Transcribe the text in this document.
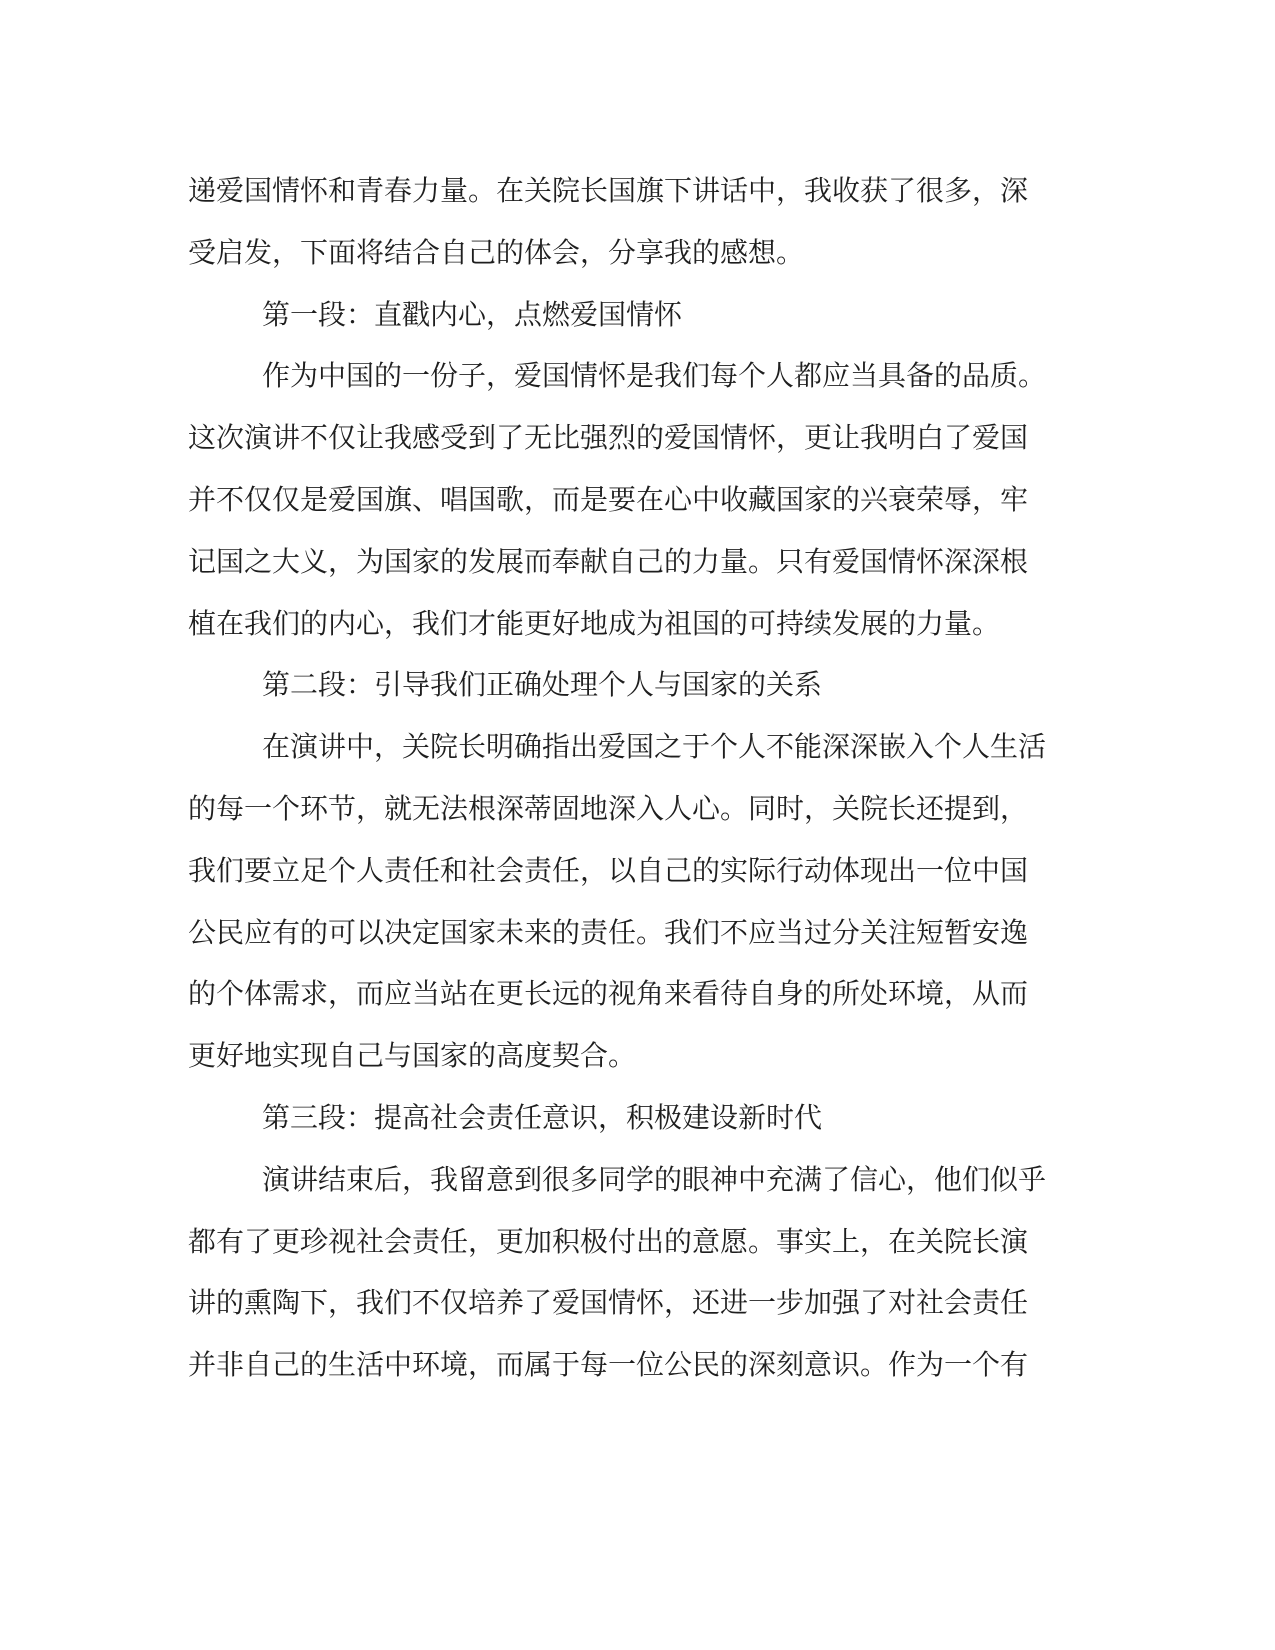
递爱国情怀和青春力量。在关院长国旗下讲话中，我收获了很多，深
受启发，下面将结合自己的体会，分享我的感想。
第一段：直戳内心，点燃爱国情怀
作为中国的一份子，爱国情怀是我们每个人都应当具备的品质。
这次演讲不仅让我感受到了无比强烈的爱国情怀，更让我明白了爱国
并不仅仅是爱国旗、唱国歌，而是要在心中收藏国家的兴衰荣辱，牢
记国之大义，为国家的发展而奉献自己的力量。只有爱国情怀深深根
植在我们的内心，我们才能更好地成为祖国的可持续发展的力量。
第二段：引导我们正确处理个人与国家的关系
在演讲中，关院长明确指出爱国之于个人不能深深嵌入个人生活
的每一个环节，就无法根深蒂固地深入人心。同时，关院长还提到，
我们要立足个人责任和社会责任，以自己的实际行动体现出一位中国
公民应有的可以决定国家未来的责任。我们不应当过分关注短暂安逸
的个体需求，而应当站在更长远的视角来看待自身的所处环境，从而
更好地实现自己与国家的高度契合。
第三段：提高社会责任意识，积极建设新时代
演讲结束后，我留意到很多同学的眼神中充满了信心，他们似乎
都有了更珍视社会责任，更加积极付出的意愿。事实上，在关院长演
讲的熏陶下，我们不仅培养了爱国情怀，还进一步加强了对社会责任
并非自己的生活中环境，而属于每一位公民的深刻意识。作为一个有
